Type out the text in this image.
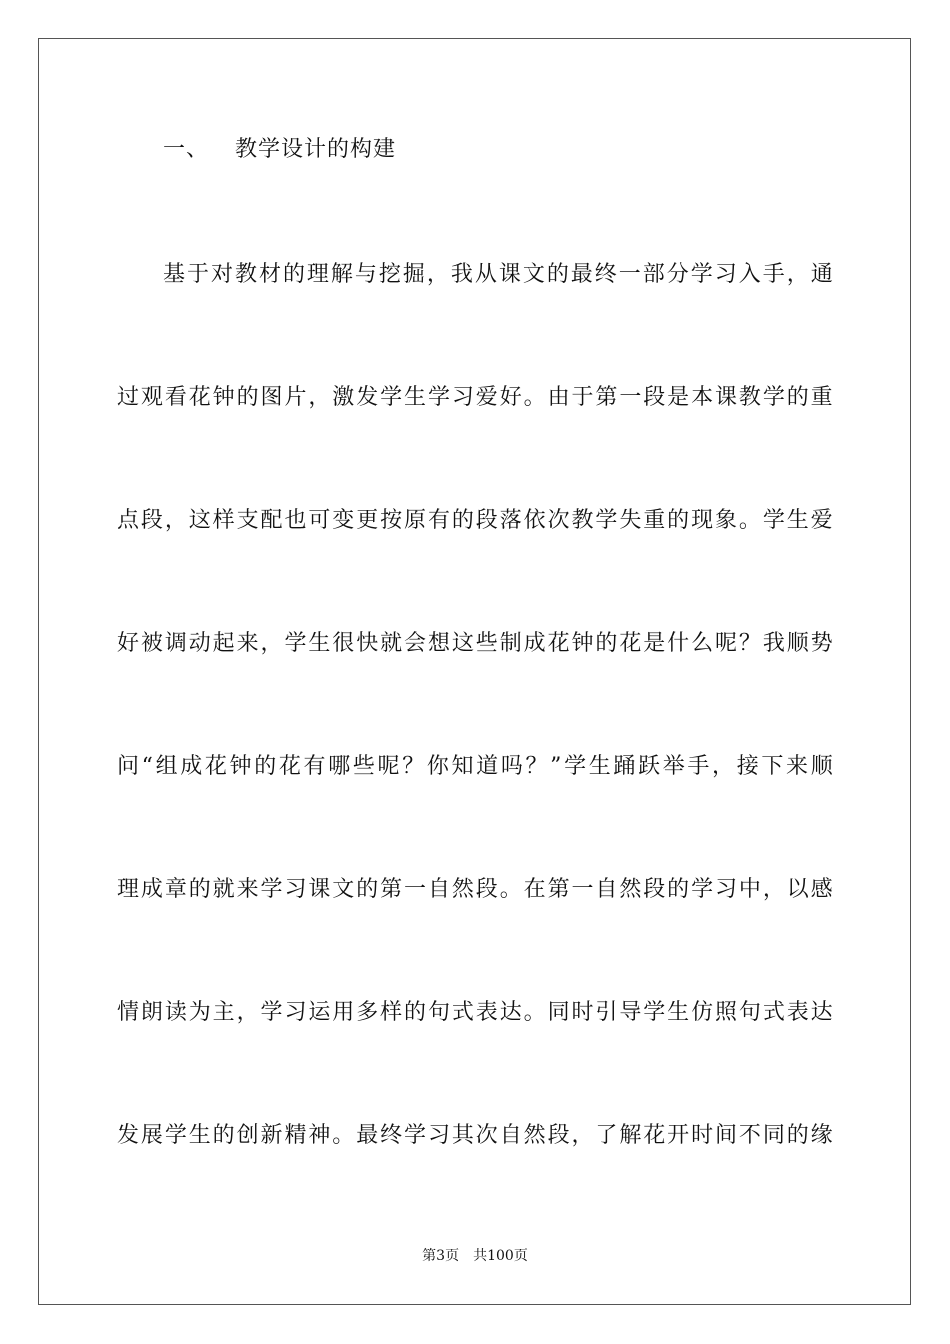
一、 教学设计的构建
基于对教材的理解与挖掘，我从课文的最终一部分学习入手，通
过观看花钟的图片，激发学生学习爱好。由于第一段是本课教学的重
点段，这样支配也可变更按原有的段落依次教学失重的现象。学生爱
好被调动起来，学生很快就会想这些制成花钟的花是什么呢？我顺势
问“组成花钟的花有哪些呢？你知道吗？”学生踊跃举手，接下来顺
理成章的就来学习课文的第一自然段。在第一自然段的学习中，以感
情朗读为主，学习运用多样的句式表达。同时引导学生仿照句式表达
发展学生的创新精神。最终学习其次自然段，了解花开时间不同的缘
第3页 共100页
